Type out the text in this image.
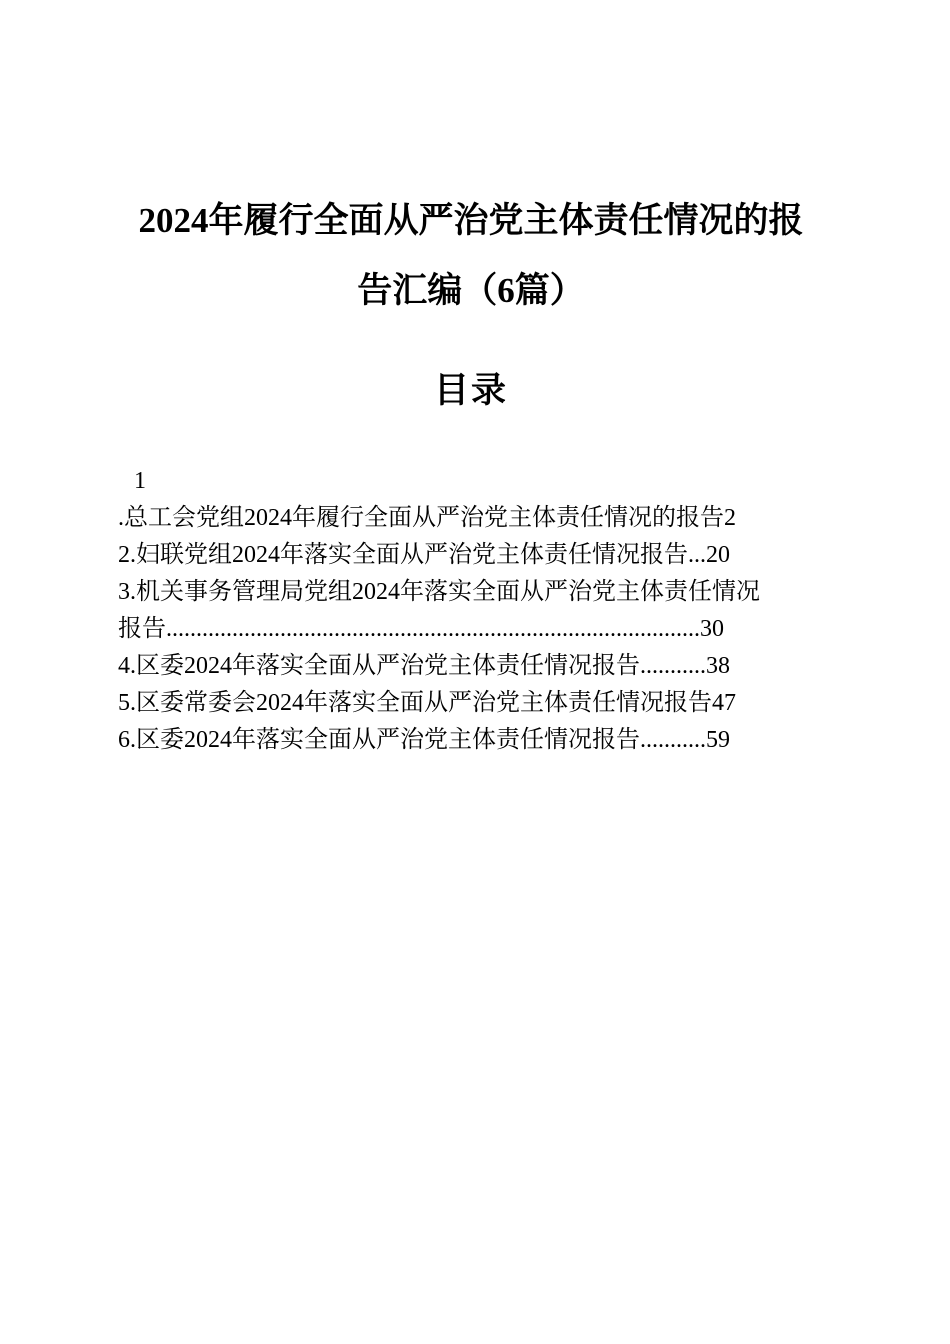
2024年履行全面从严治党主体责任情况的报
告汇编（6篇）
目录
1
.总工会党组2024年履行全面从严治党主体责任情况的报告2
2.妇联党组2024年落实全面从严治党主体责任情况报告...20
3.机关事务管理局党组2024年落实全面从严治党主体责任情况
报告.........................................................................................30
4.区委2024年落实全面从严治党主体责任情况报告...........38
5.区委常委会2024年落实全面从严治党主体责任情况报告47
6.区委2024年落实全面从严治党主体责任情况报告...........59
